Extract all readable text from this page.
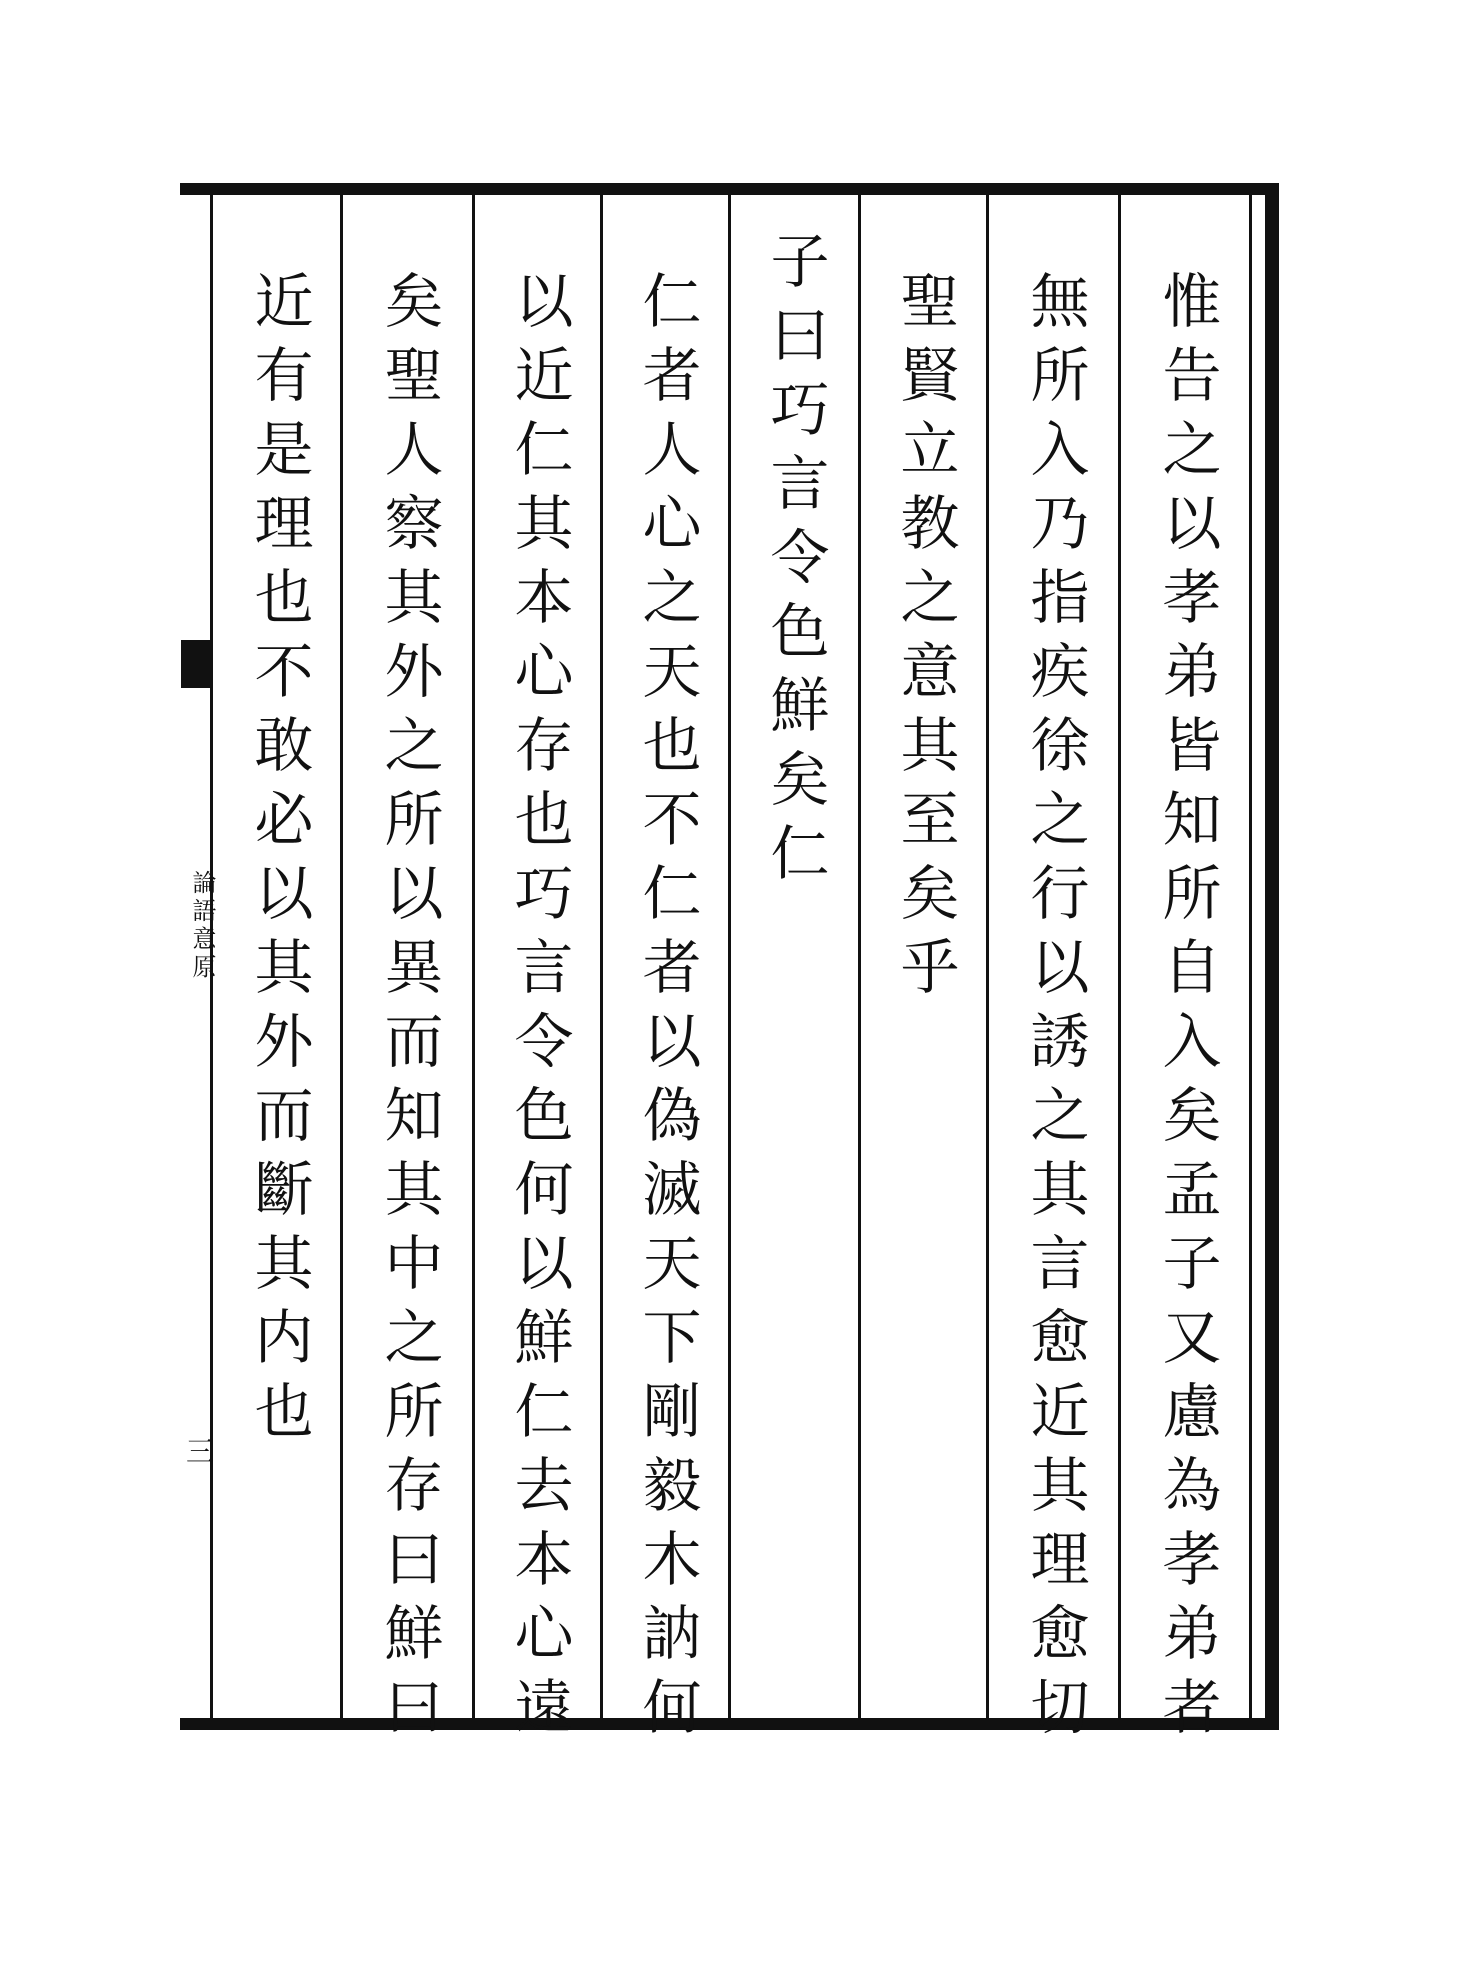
惟告之以孝弟皆知所自入矣孟子又慮為孝弟者
無所入乃指疾徐之行以誘之其言愈近其理愈切
聖賢立教之意其至矣乎
子曰巧言令色鮮矣仁
仁者人心之天也不仁者以偽滅天下剛毅木訥何
以近仁其本心存也巧言令色何以鮮仁去本心遠
矣聖人察其外之所以異而知其中之所存曰鮮曰
近有是理也不敢必以其外而斷其内也
論語意原
三
